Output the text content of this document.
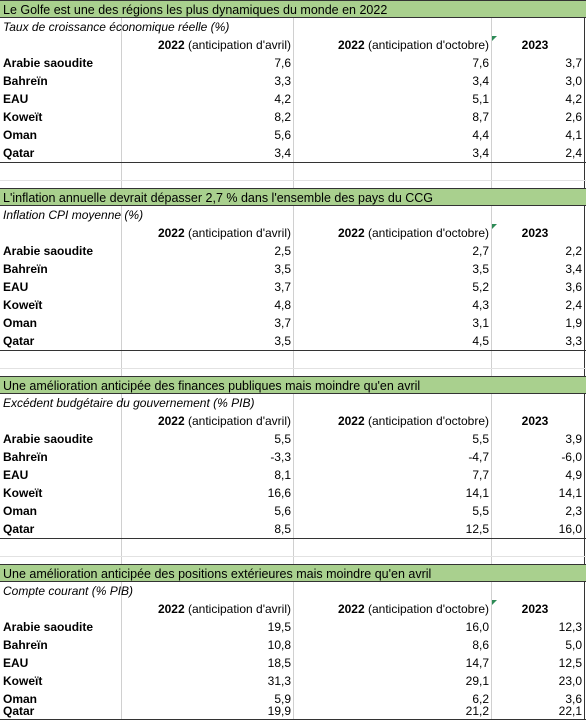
Le Golfe est une des régions les plus dynamiques du monde en 2022
Taux de croissance économique réelle (%)
2022 (anticipation d'avril)	2022 (anticipation d'octobre)	2023
Arabie saoudite	7,6	7,6	3,7
Bahreïn	3,3	3,4	3,0
EAU	4,2	5,1	4,2
Koweït	8,2	8,7	2,6
Oman	5,6	4,4	4,1
Qatar	3,4	3,4	2,4
L'inflation annuelle devrait dépasser 2,7 % dans l'ensemble des pays du CCG
Inflation CPI moyenne (%)
2022 (anticipation d'avril)	2022 (anticipation d'octobre)	2023
Arabie saoudite	2,5	2,7	2,2
Bahreïn	3,5	3,5	3,4
EAU	3,7	5,2	3,6
Koweït	4,8	4,3	2,4
Oman	3,7	3,1	1,9
Qatar	3,5	4,5	3,3
Une amélioration anticipée des finances publiques mais moindre qu'en avril
Excédent budgétaire du gouvernement (% PIB)
2022 (anticipation d'avril)	2022 (anticipation d'octobre)	2023
Arabie saoudite	5,5	5,5	3,9
Bahreïn	-3,3	-4,7	-6,0
EAU	8,1	7,7	4,9
Koweït	16,6	14,1	14,1
Oman	5,6	5,5	2,3
Qatar	8,5	12,5	16,0
Une amélioration anticipée des positions extérieures mais moindre qu'en avril
Compte courant (% PIB)
2022 (anticipation d'avril)	2022 (anticipation d'octobre)	2023
Arabie saoudite	19,5	16,0	12,3
Bahreïn	10,8	8,6	5,0
EAU	18,5	14,7	12,5
Koweït	31,3	29,1	23,0
Oman	5,9	6,2	3,6
Qatar	19,9	21,2	22,1
